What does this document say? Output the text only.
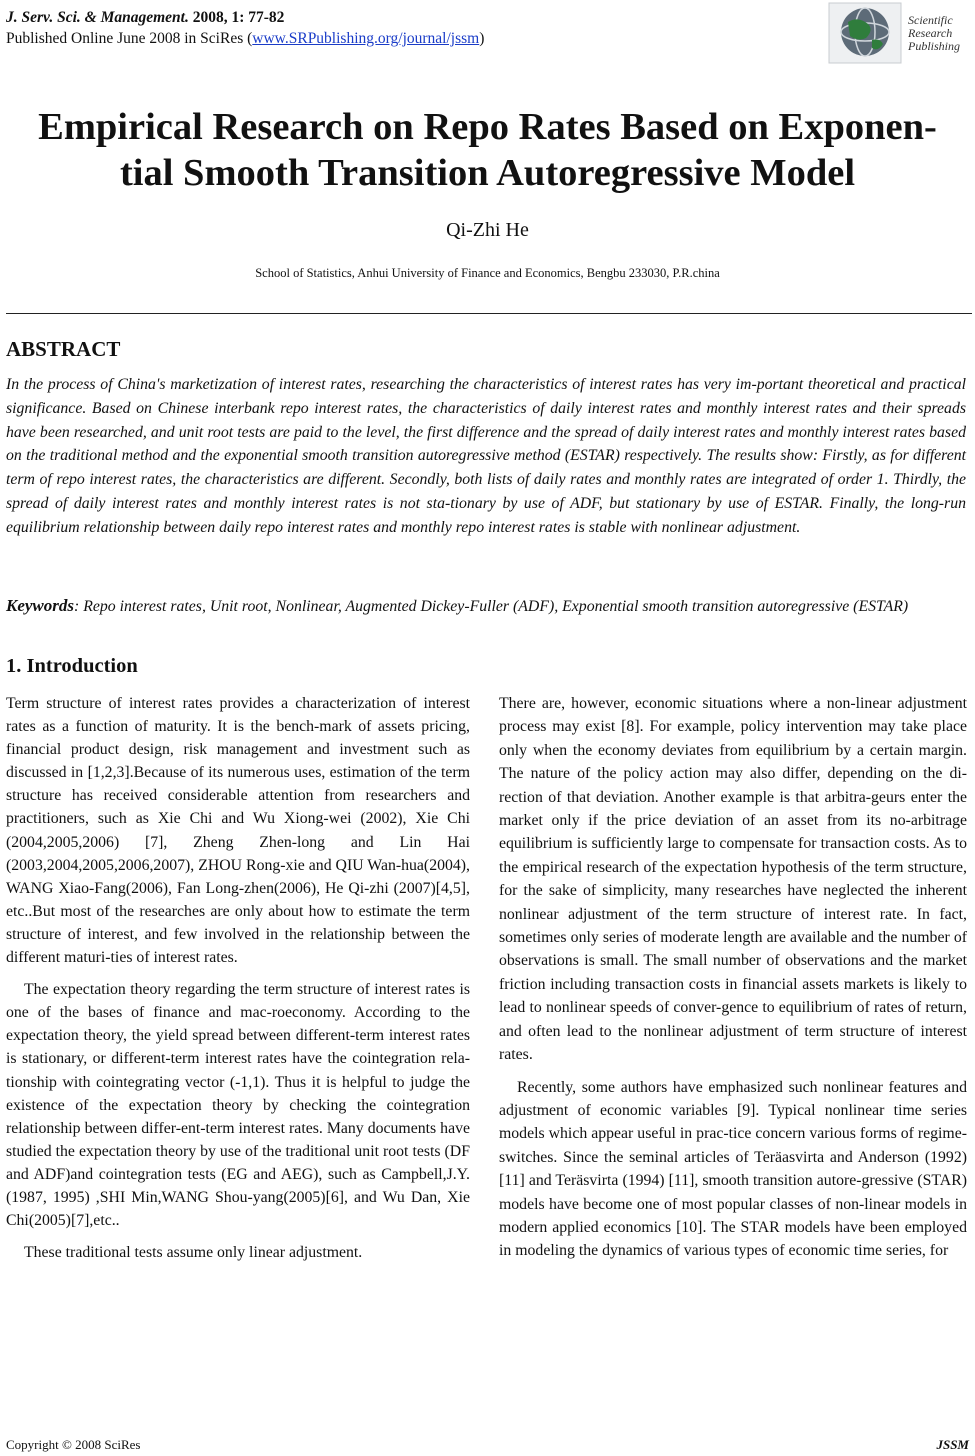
J. Serv. Sci. & Management. 2008, 1: 77-82
Published Online June 2008 in SciRes (www.SRPublishing.org/journal/jssm)
Scientific
Research
Publishing
Empirical Research on Repo Rates Based on Exponen-
tial Smooth Transition Autoregressive Model
Qi-Zhi He
School of Statistics, Anhui University of Finance and Economics, Bengbu 233030, P.R.china
ABSTRACT
In the process of China's marketization of interest rates, researching the characteristics of interest rates has very im-portant theoretical and practical significance. Based on Chinese interbank repo interest rates, the characteristics of daily interest rates and monthly interest rates and their spreads have been researched, and unit root tests are paid to the level, the first difference and the spread of daily interest rates and monthly interest rates based on the traditional method and the exponential smooth transition autoregressive method (ESTAR) respectively. The results show: Firstly, as for different term of repo interest rates, the characteristics are different. Secondly, both lists of daily rates and monthly rates are integrated of order 1. Thirdly, the spread of daily interest rates and monthly interest rates is not sta-tionary by use of ADF, but stationary by use of ESTAR. Finally, the long-run equilibrium relationship between daily repo interest rates and monthly repo interest rates is stable with nonlinear adjustment.
Keywords: Repo interest rates, Unit root, Nonlinear, Augmented Dickey-Fuller (ADF), Exponential smooth transition autoregressive (ESTAR)
1. Introduction

Term structure of interest rates provides a characterization of interest rates as a function of maturity. It is the bench-mark of assets pricing, financial product design, risk management and investment such as discussed in [1,2,3].Because of its numerous uses, estimation of the term structure has received considerable attention from researchers and practitioners, such as Xie Chi and Wu Xiong-wei (2002), Xie Chi (2004,2005,2006) [7], Zheng Zhen-long and Lin Hai (2003,2004,2005,2006,2007), ZHOU Rong-xie and QIU Wan-hua(2004), WANG Xiao-Fang(2006), Fan Long-zhen(2006), He Qi-zhi (2007)[4,5], etc..But most of the researches are only about how to estimate the term structure of interest, and few involved in the relationship between the different maturi-ties of interest rates.

The expectation theory regarding the term structure of interest rates is one of the bases of finance and mac-roeconomy. According to the expectation theory, the yield spread between different-term interest rates is stationary, or different-term interest rates have the cointegration rela-tionship with cointegrating vector (-1,1). Thus it is helpful to judge the existence of the expectation theory by checking the cointegration relationship between differ-ent-term interest rates. Many documents have studied the expectation theory by use of the traditional unit root tests (DF and ADF)and cointegration tests (EG and AEG), such as Campbell,J.Y. (1987, 1995) ,SHI Min,WANG Shou-yang(2005)[6], and Wu Dan, Xie Chi(2005)[7],etc..

These traditional tests assume only linear adjustment.

There are, however, economic situations where a non-linear adjustment process may exist [8]. For example, policy intervention may take place only when the economy deviates from equilibrium by a certain margin. The nature of the policy action may also differ, depending on the di-rection of that deviation. Another example is that arbitra-geurs enter the market only if the price deviation of an asset from its no-arbitrage equilibrium is sufficiently large to compensate for transaction costs. As to the empirical research of the expectation hypothesis of the term structure, for the sake of simplicity, many researches have neglected the inherent nonlinear adjustment of the term structure of interest rate. In fact, sometimes only series of moderate length are available and the number of observations is small. The small number of observations and the market friction including transaction costs in financial assets markets is likely to lead to nonlinear speeds of conver-gence to equilibrium of rates of return, and often lead to the nonlinear adjustment of term structure of interest rates.

Recently, some authors have emphasized such nonlinear features and adjustment of economic variables [9]. Typical nonlinear time series models which appear useful in prac-tice concern various forms of regime-switches. Since the seminal articles of Teräasvirta and Anderson (1992)[11] and Teräsvirta (1994) [11], smooth transition autore-gressive (STAR) models have become one of most popular classes of non-linear models in modern applied economics [10]. The STAR models have been employed in modeling the dynamics of various types of economic time series, for

Copyright © 2008 SciRes	JSSM
